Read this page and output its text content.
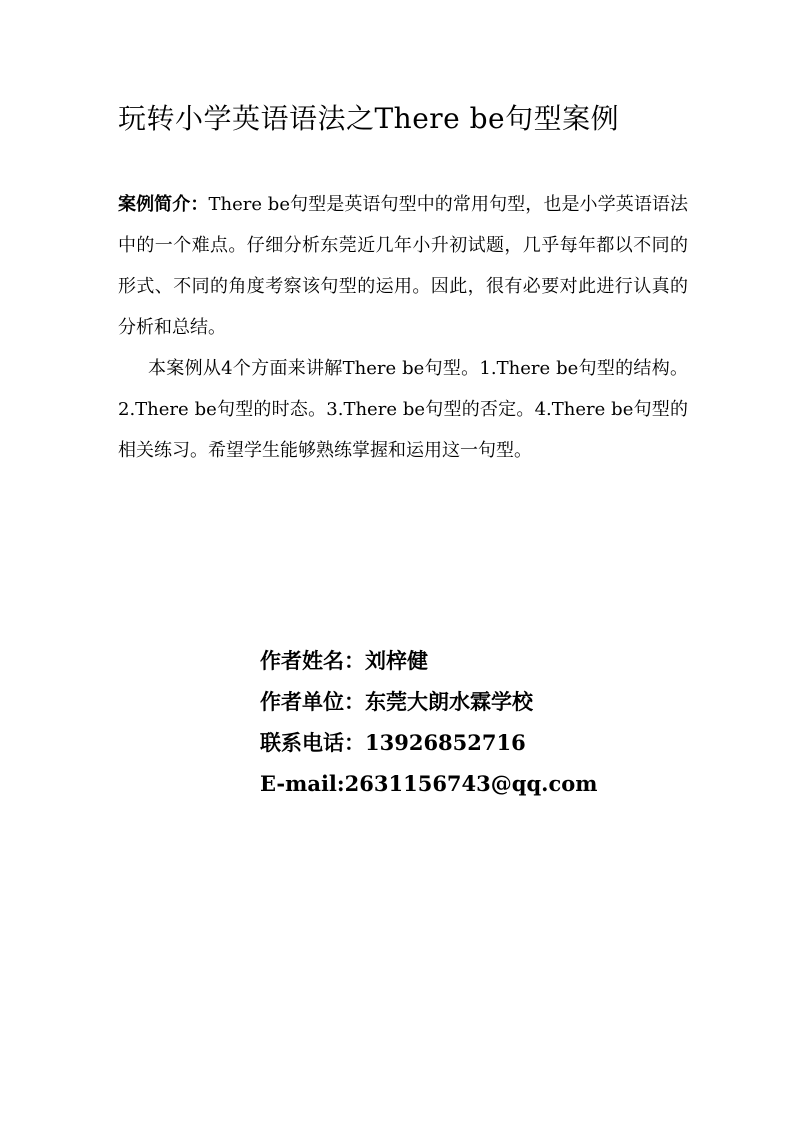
玩转小学英语语法之There be句型案例

案例简介：There be句型是英语句型中的常用句型，也是小学英语语法中的一个难点。仔细分析东莞近几年小升初试题，几乎每年都以不同的形式、不同的角度考察该句型的运用。因此，很有必要对此进行认真的分析和总结。

本案例从4个方面来讲解There be句型。1.There be句型的结构。2.There be句型的时态。3.There be句型的否定。4.There be句型的相关练习。希望学生能够熟练掌握和运用这一句型。

作者姓名：刘梓健
作者单位：东莞大朗水霖学校
联系电话：13926852716
E-mail:2631156743@qq.com
